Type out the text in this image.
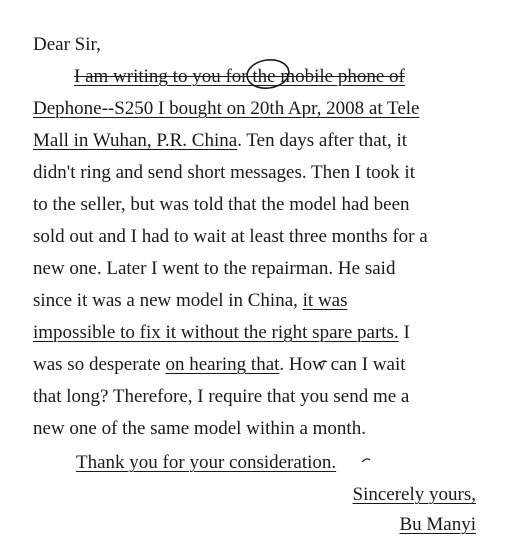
Dear Sir,
I am writing to you for the mobile phone of
Dephone--S250 I bought on 20th Apr, 2008 at Tele
Mall in Wuhan, P.R. China. Ten days after that, it
didn't ring and send short messages. Then I took it
to the seller, but was told that the model had been
sold out and I had to wait at least three months for a
new one. Later I went to the repairman. He said
since it was a new model in China, it was
impossible to fix it without the right spare parts. I
was so desperate on hearing that. How can I wait
that long? Therefore, I require that you send me a
new one of the same model within a month.
Thank you for your consideration.
Sincerely yours,
Bu Manyi
